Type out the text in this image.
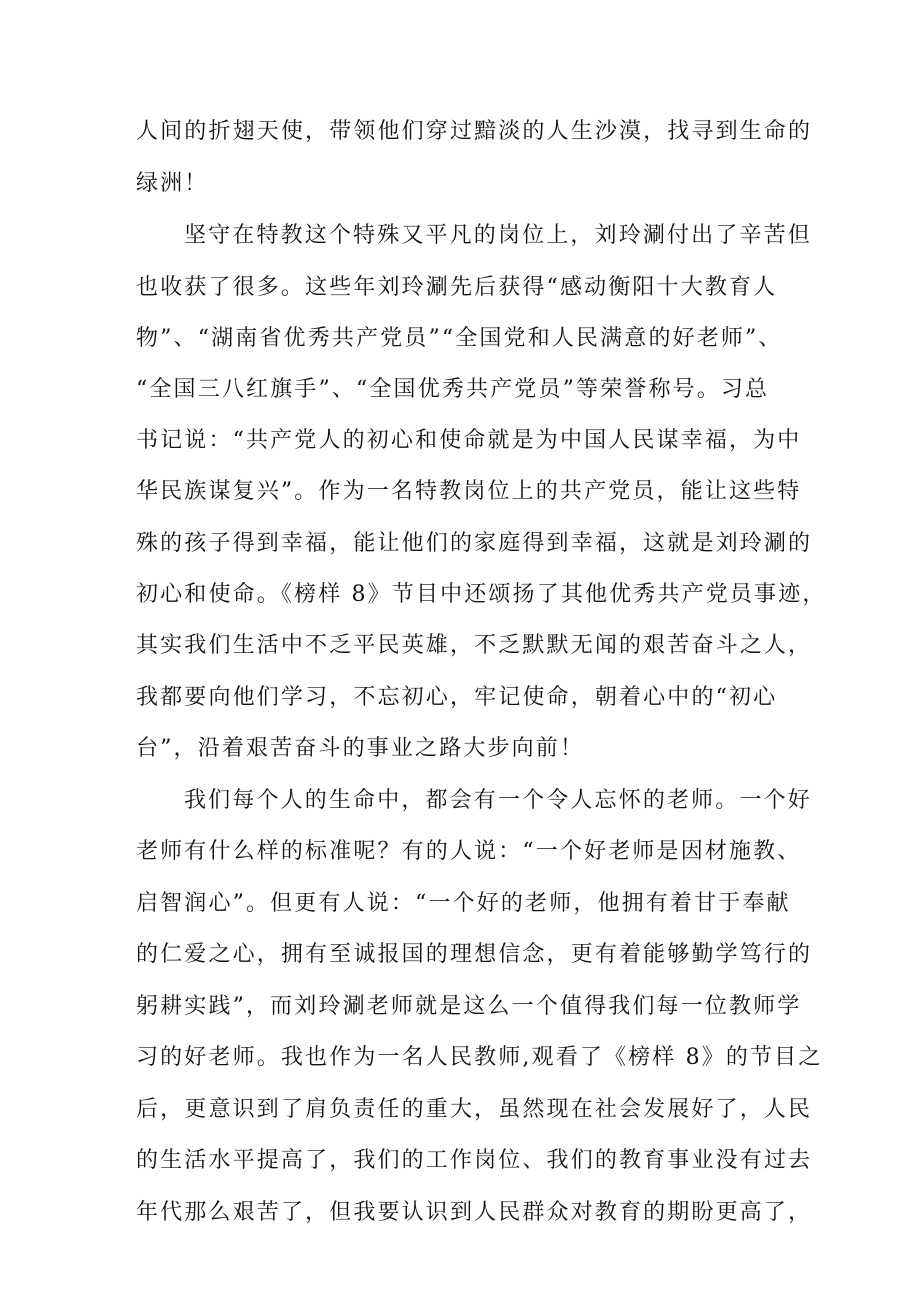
人间的折翅天使，带领他们穿过黯淡的人生沙漠，找寻到生命的
绿洲！
坚守在特教这个特殊又平凡的岗位上，刘玲涮付出了辛苦但
也收获了很多。这些年刘玲涮先后获得“感动衡阳十大教育人
物”、“湖南省优秀共产党员”“全国党和人民满意的好老师”、
“全国三八红旗手”、“全国优秀共产党员”等荣誉称号。习总
书记说：“共产党人的初心和使命就是为中国人民谋幸福，为中
华民族谋复兴”。作为一名特教岗位上的共产党员，能让这些特
殊的孩子得到幸福，能让他们的家庭得到幸福，这就是刘玲涮的
初心和使命。《榜样 8》节目中还颂扬了其他优秀共产党员事迹，
其实我们生活中不乏平民英雄，不乏默默无闻的艰苦奋斗之人，
我都要向他们学习，不忘初心，牢记使命，朝着心中的“初心
台”，沿着艰苦奋斗的事业之路大步向前！
我们每个人的生命中，都会有一个令人忘怀的老师。一个好
老师有什么样的标准呢？有的人说：“一个好老师是因材施教、
启智润心”。但更有人说：“一个好的老师，他拥有着甘于奉献
的仁爱之心，拥有至诚报国的理想信念，更有着能够勤学笃行的
躬耕实践”，而刘玲涮老师就是这么一个值得我们每一位教师学
习的好老师。我也作为一名人民教师,观看了《榜样 8》的节目之
后，更意识到了肩负责任的重大，虽然现在社会发展好了，人民
的生活水平提高了，我们的工作岗位、我们的教育事业没有过去
年代那么艰苦了，但我要认识到人民群众对教育的期盼更高了，
